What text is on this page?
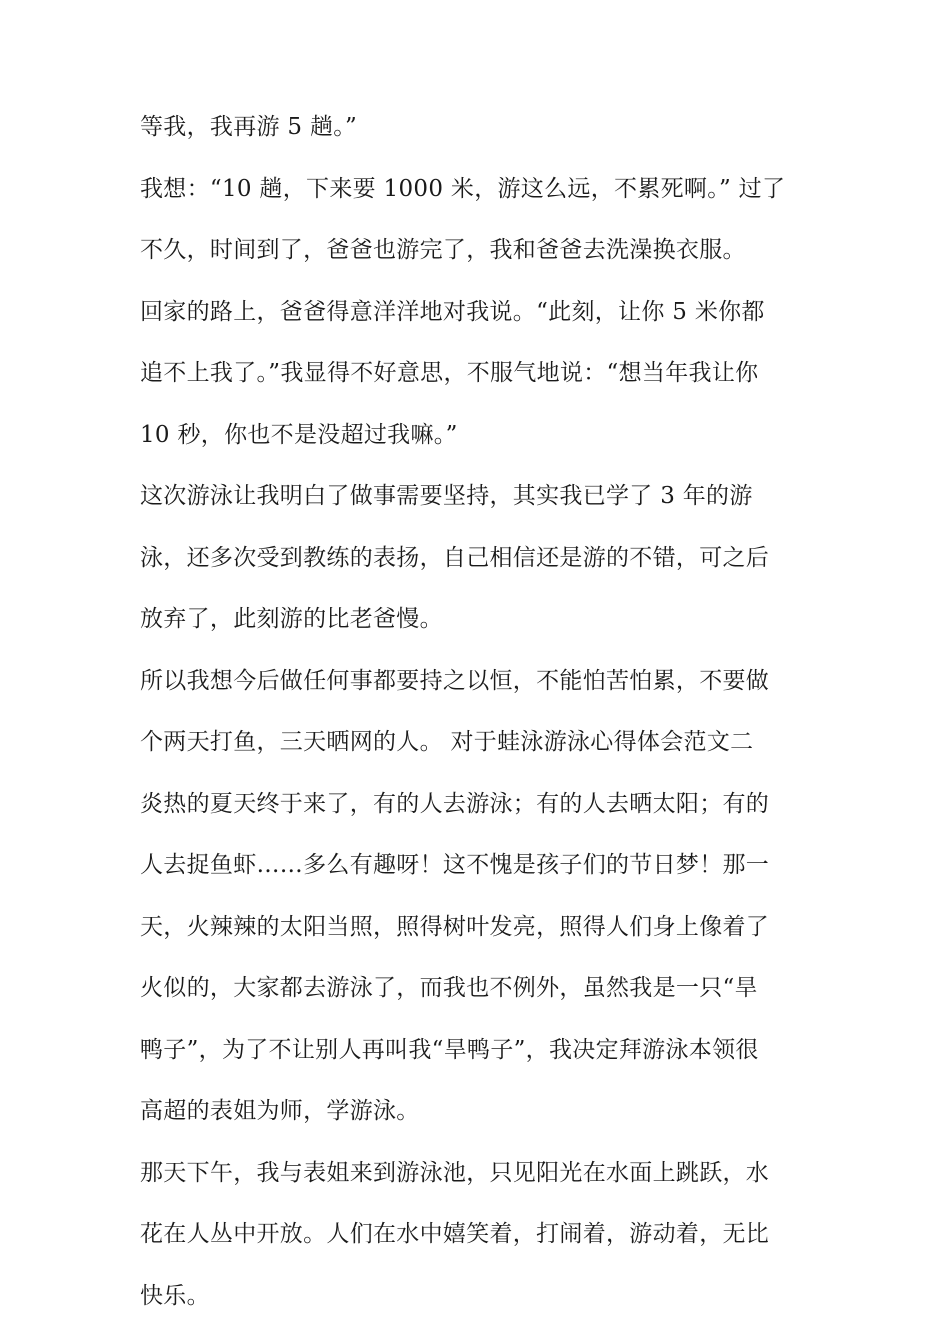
等我，我再游 5 趟。”
我想：“10 趟，下来要 1000 米，游这么远，不累死啊。” 过了
不久，时间到了，爸爸也游完了，我和爸爸去洗澡换衣服。
回家的路上，爸爸得意洋洋地对我说。“此刻，让你 5 米你都
追不上我了。”我显得不好意思，不服气地说：“想当年我让你
10 秒，你也不是没超过我嘛。”
这次游泳让我明白了做事需要坚持，其实我已学了 3 年的游
泳，还多次受到教练的表扬，自己相信还是游的不错，可之后
放弃了，此刻游的比老爸慢。
所以我想今后做任何事都要持之以恒，不能怕苦怕累，不要做
个两天打鱼，三天晒网的人。 对于蛙泳游泳心得体会范文二
炎热的夏天终于来了，有的人去游泳；有的人去晒太阳；有的
人去捉鱼虾……多么有趣呀！这不愧是孩子们的节日梦！那一
天，火辣辣的太阳当照，照得树叶发亮，照得人们身上像着了
火似的，大家都去游泳了，而我也不例外，虽然我是一只“旱
鸭子”，为了不让别人再叫我“旱鸭子”，我决定拜游泳本领很
高超的表姐为师，学游泳。
那天下午，我与表姐来到游泳池，只见阳光在水面上跳跃，水
花在人丛中开放。人们在水中嬉笑着，打闹着，游动着，无比
快乐。
